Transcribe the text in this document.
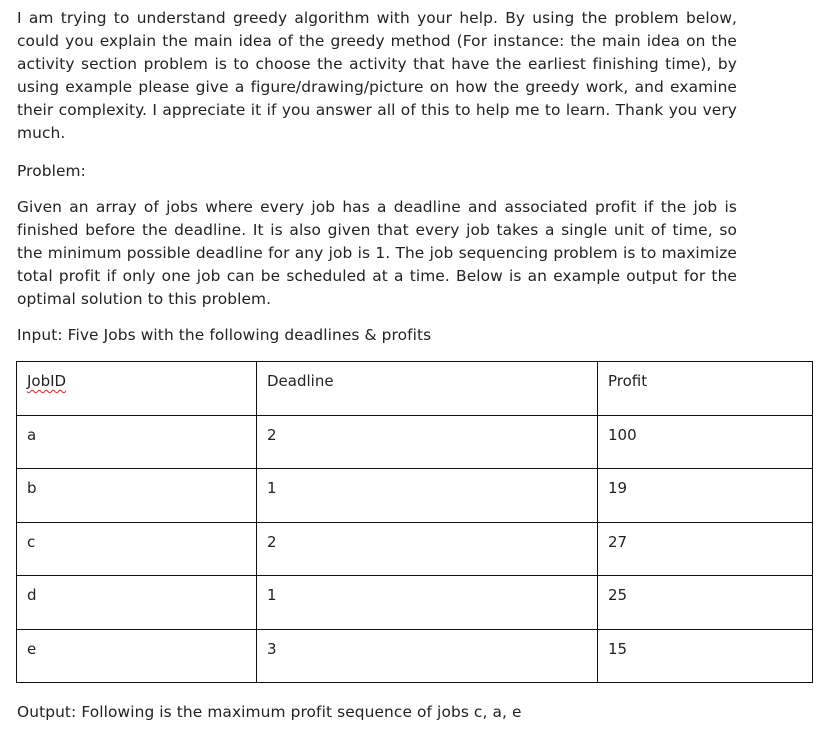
I am trying to understand greedy algorithm with your help. By using the problem below, could you explain the main idea of the greedy method (For instance: the main idea on the activity section problem is to choose the activity that have the earliest finishing time), by using example please give a figure/drawing/picture on how the greedy work, and examine their complexity. I appreciate it if you answer all of this to help me to learn. Thank you very much.
Problem:
Given an array of jobs where every job has a deadline and associated profit if the job is finished before the deadline. It is also given that every job takes a single unit of time, so the minimum possible deadline for any job is 1. The job sequencing problem is to maximize total profit if only one job can be scheduled at a time. Below is an example output for the optimal solution to this problem.
Input: Five Jobs with the following deadlines & profits
JobID	Deadline	Profit
a	2	100
b	1	19
c	2	27
d	1	25
e	3	15
Output: Following is the maximum profit sequence of jobs c, a, e
